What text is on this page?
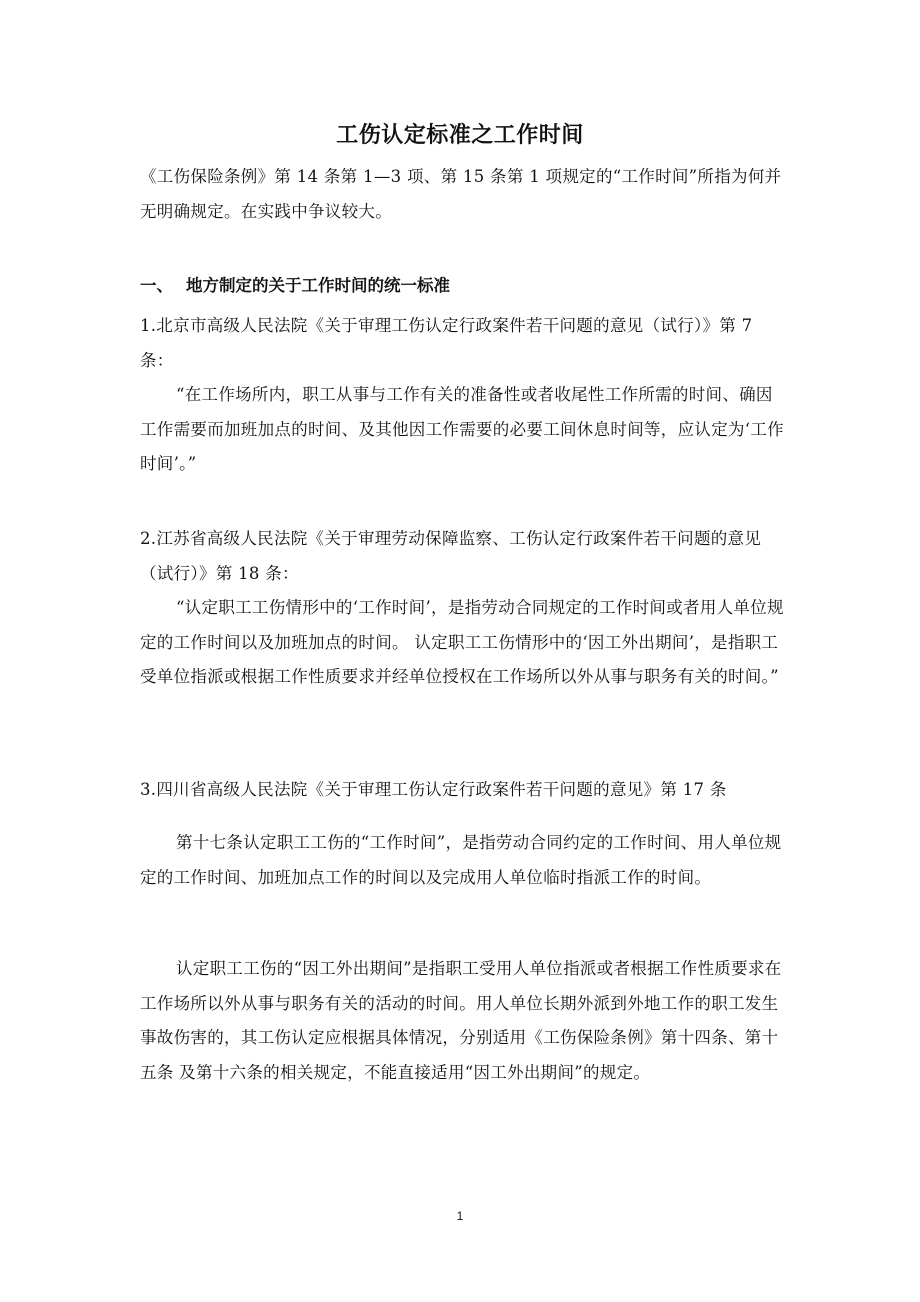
工伤认定标准之工作时间

《工伤保险条例》第 14 条第 1—3 项、第 15 条第 1 项规定的“工作时间”所指为何并无明确规定。在实践中争议较大。

一、 地方制定的关于工作时间的统一标准

1.北京市高级人民法院《关于审理工伤认定行政案件若干问题的意见（试行）》第 7 条：

“在工作场所内，职工从事与工作有关的准备性或者收尾性工作所需的时间、确因工作需要而加班加点的时间、及其他因工作需要的必要工间休息时间等，应认定为‘工作时间’。”

2.江苏省高级人民法院《关于审理劳动保障监察、工伤认定行政案件若干问题的意见（试行）》第 18 条：

“认定职工工伤情形中的‘工作时间’，是指劳动合同规定的工作时间或者用人单位规定的工作时间以及加班加点的时间。 认定职工工伤情形中的‘因工外出期间’，是指职工受单位指派或根据工作性质要求并经单位授权在工作场所以外从事与职务有关的时间。”

3.四川省高级人民法院《关于审理工伤认定行政案件若干问题的意见》第 17 条

第十七条认定职工工伤的“工作时间”，是指劳动合同约定的工作时间、用人单位规定的工作时间、加班加点工作的时间以及完成用人单位临时指派工作的时间。

认定职工工伤的“因工外出期间”是指职工受用人单位指派或者根据工作性质要求在工作场所以外从事与职务有关的活动的时间。用人单位长期外派到外地工作的职工发生事故伤害的，其工伤认定应根据具体情况，分别适用《工伤保险条例》第十四条、第十五条 及第十六条的相关规定，不能直接适用“因工外出期间”的规定。

1
